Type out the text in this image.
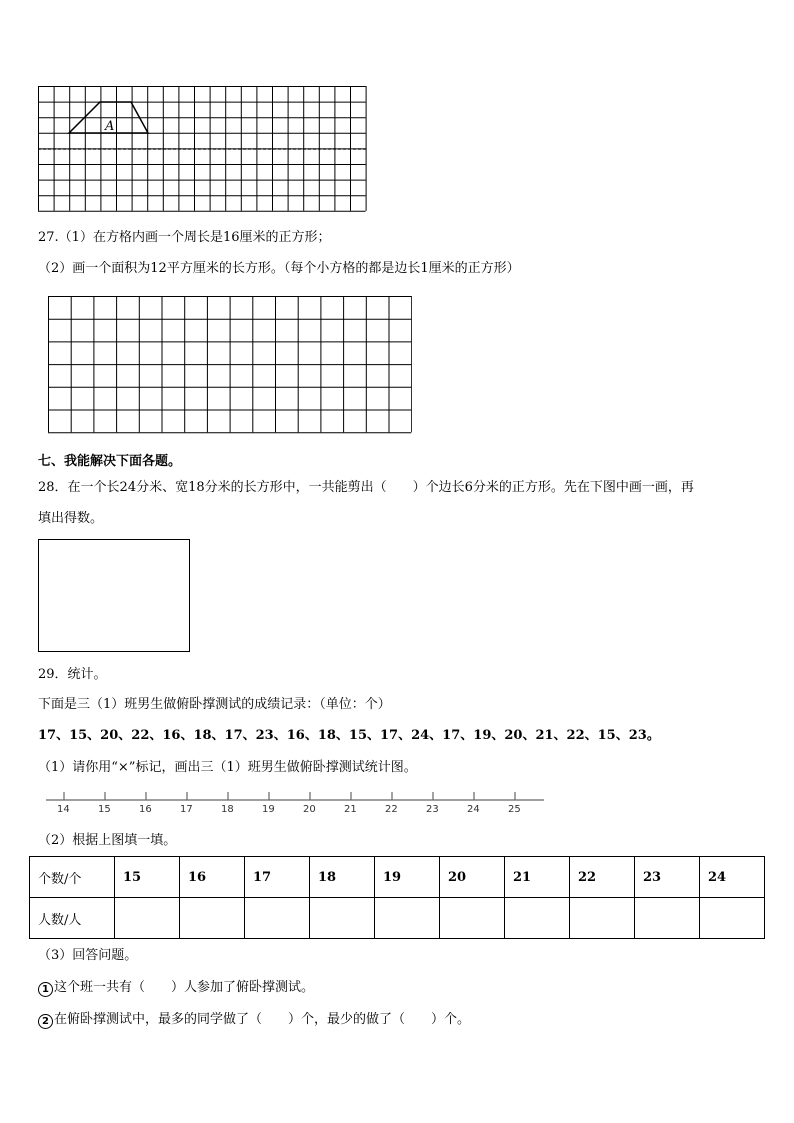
A
27.（1）在方格内画一个周长是16厘米的正方形；
（2）画一个面积为12平方厘米的长方形。（每个小方格的都是边长1厘米的正方形）
七、我能解决下面各题。
28．在一个长24分米、宽18分米的长方形中，一共能剪出（　　）个边长6分米的正方形。先在下图中画一画，再
填出得数。
29．统计。
下面是三（1）班男生做俯卧撑测试的成绩记录：（单位：个）
17、15、20、22、16、18、17、23、16、18、15、17、24、17、19、20、21、22、15、23。
（1）请你用“×”标记，画出三（1）班男生做俯卧撑测试统计图。
14	15	16	17	18	19	20	21	22	23	24	25
（2）根据上图填一填。
个数/个	15	16	17	18	19	20	21	22	23	24
人数/人										
（3）回答问题。
1 这个班一共有（　　）人参加了俯卧撑测试。
2 在俯卧撑测试中，最多的同学做了（　　）个，最少的做了（　　）个。
